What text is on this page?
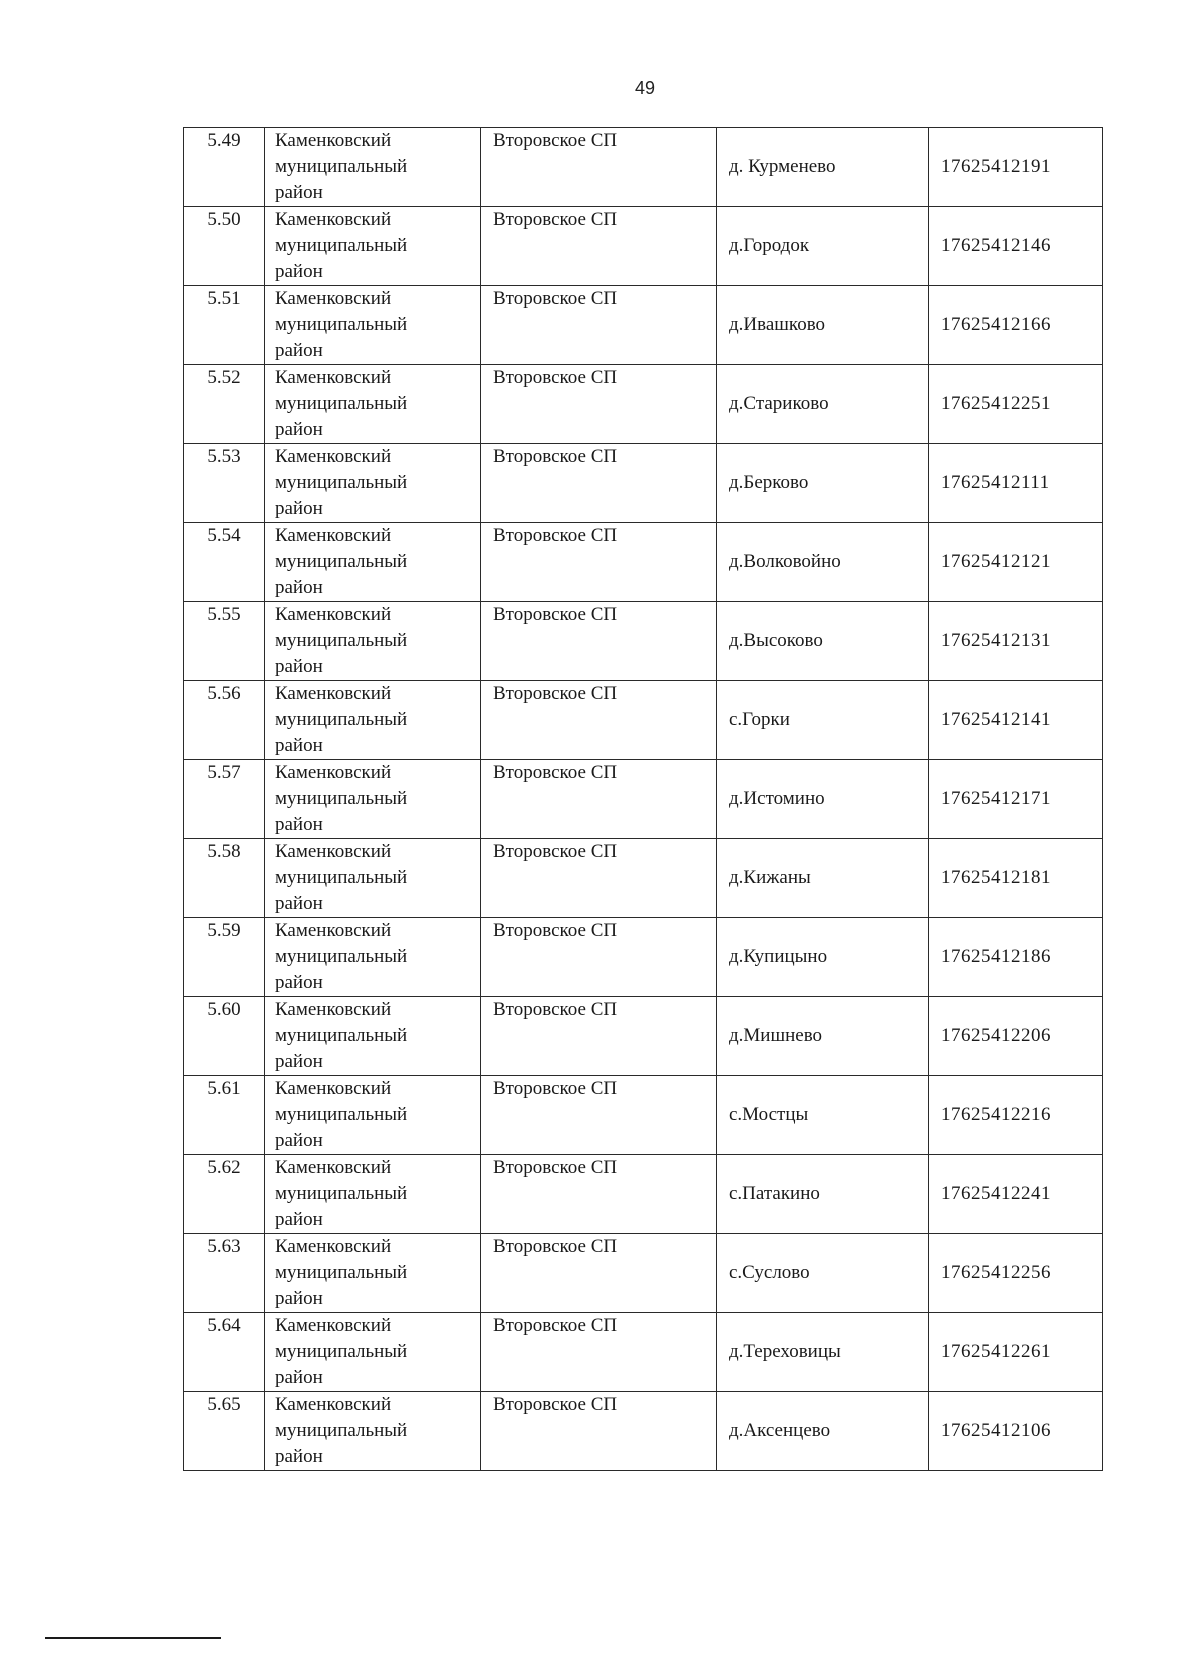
49
5.49	Каменковский
муниципальный
район	Второвское СП	д. Курменево	17625412191
5.50	Каменковский
муниципальный
район	Второвское СП	д.Городок	17625412146
5.51	Каменковский
муниципальный
район	Второвское СП	д.Ивашково	17625412166
5.52	Каменковский
муниципальный
район	Второвское СП	д.Стариково	17625412251
5.53	Каменковский
муниципальный
район	Второвское СП	д.Берково	17625412111
5.54	Каменковский
муниципальный
район	Второвское СП	д.Волковойно	17625412121
5.55	Каменковский
муниципальный
район	Второвское СП	д.Высоково	17625412131
5.56	Каменковский
муниципальный
район	Второвское СП	с.Горки	17625412141
5.57	Каменковский
муниципальный
район	Второвское СП	д.Истомино	17625412171
5.58	Каменковский
муниципальный
район	Второвское СП	д.Кижаны	17625412181
5.59	Каменковский
муниципальный
район	Второвское СП	д.Купицыно	17625412186
5.60	Каменковский
муниципальный
район	Второвское СП	д.Мишнево	17625412206
5.61	Каменковский
муниципальный
район	Второвское СП	с.Мостцы	17625412216
5.62	Каменковский
муниципальный
район	Второвское СП	с.Патакино	17625412241
5.63	Каменковский
муниципальный
район	Второвское СП	с.Суслово	17625412256
5.64	Каменковский
муниципальный
район	Второвское СП	д.Тереховицы	17625412261
5.65	Каменковский
муниципальный
район	Второвское СП	д.Аксенцево	17625412106
